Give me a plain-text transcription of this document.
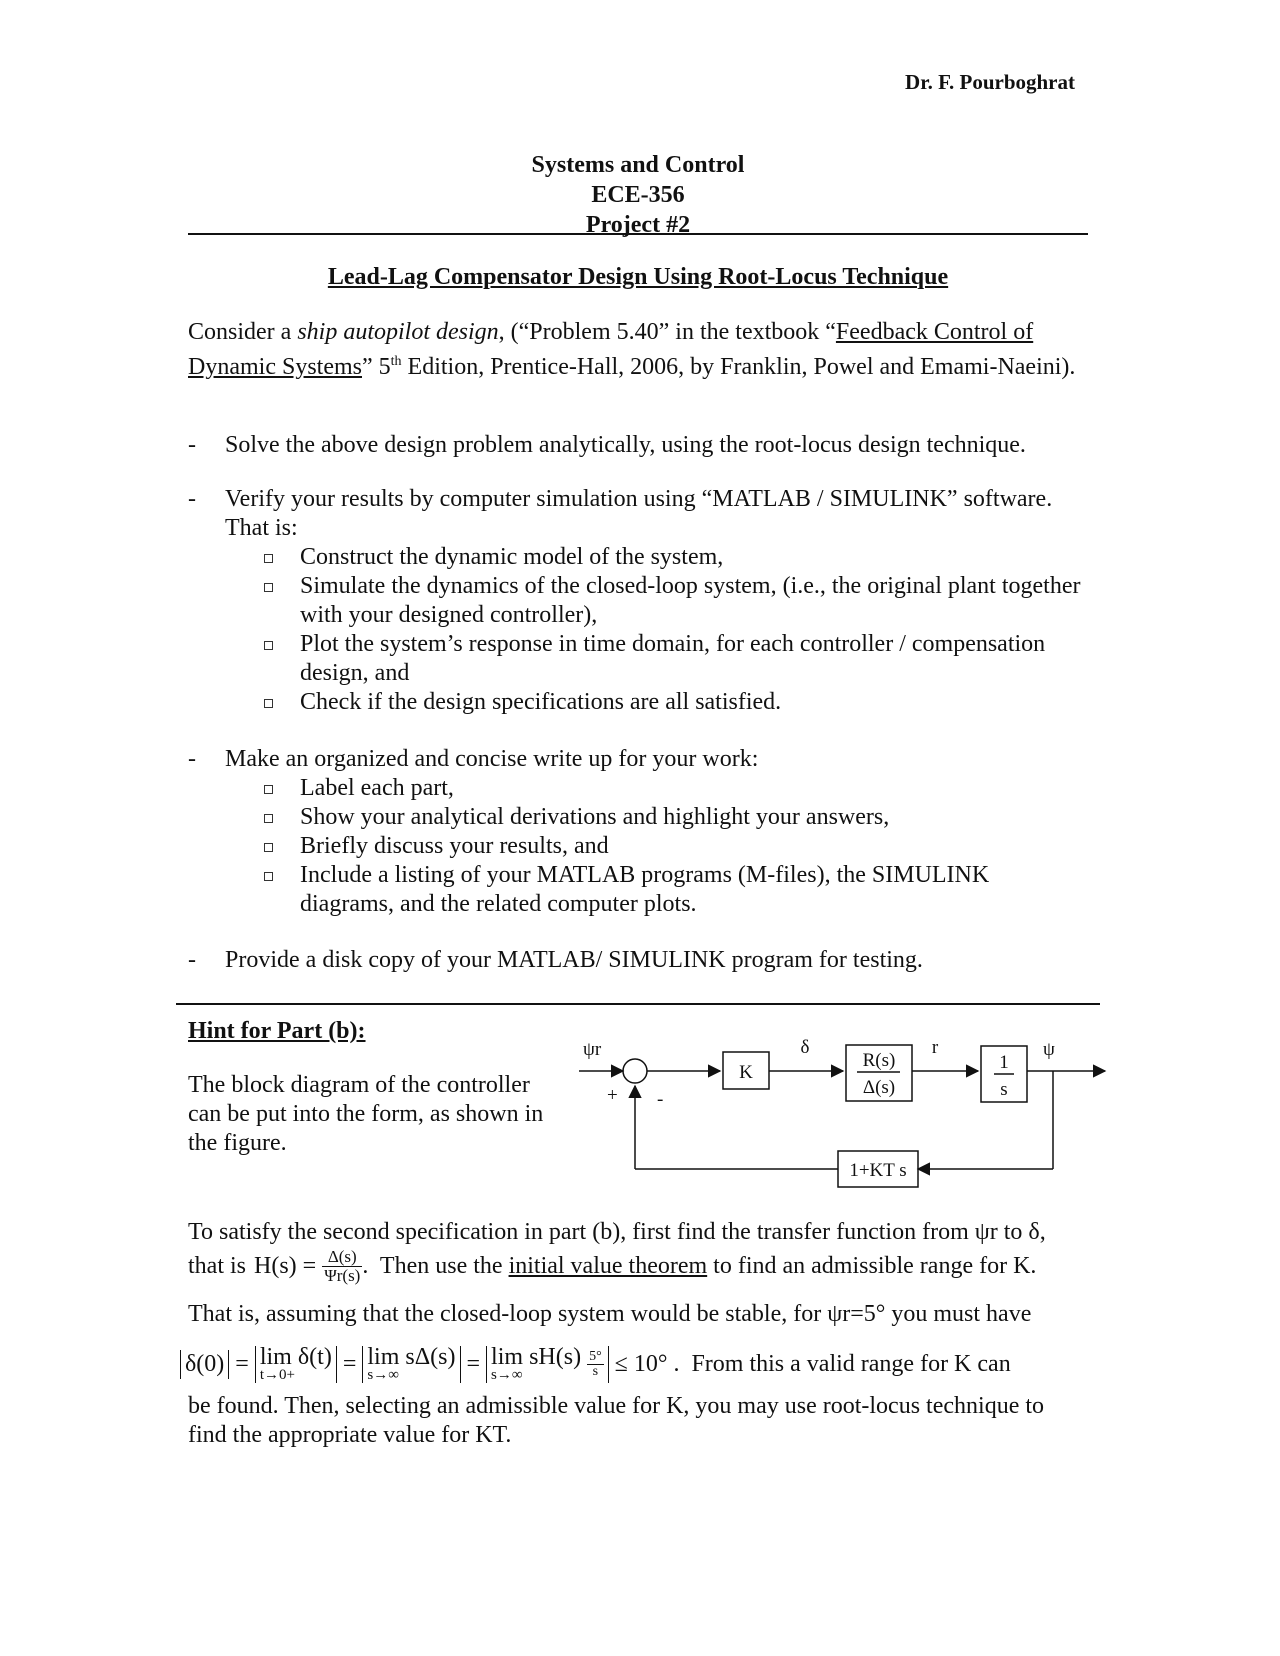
Dr. F. Pourboghrat
Systems and Control
ECE-356
Project #2
Lead-Lag Compensator Design Using Root-Locus Technique
Consider a ship autopilot design, (“Problem 5.40” in the textbook “Feedback Control of Dynamic Systems” 5th Edition, Prentice-Hall, 2006, by Franklin, Powel and Emami-Naeini).
-	Solve the above design problem analytically, using the root-locus design technique.
-	Verify your results by computer simulation using “MATLAB / SIMULINK” software. That is:
Construct the dynamic model of the system,
Simulate the dynamics of the closed-loop system, (i.e., the original plant together with your designed controller),
Plot the system’s response in time domain, for each controller / compensation design, and
Check if the design specifications are all satisfied.
-	Make an organized and concise write up for your work:
Label each part,
Show your analytical derivations and highlight your answers,
Briefly discuss your results, and
Include a listing of your MATLAB programs (M-files), the SIMULINK diagrams, and the related computer plots.
-	Provide a disk copy of your MATLAB/ SIMULINK program for testing.
Hint for Part (b):
The block diagram of the controller can be put into the form, as shown in the figure.
ψr
+ -
K
δ
R(s)
Δ(s)
r
1
s
ψ
1+KT s
To satisfy the second specification in part (b), first find the transfer function from ψr to δ,
that is $H(s) = \frac{\Delta(s)}{\Psi r(s)}$ .  Then use the initial value theorem to find an admissible range for K.
That is, assuming that the closed-loop system would be stable, for ψr=5° you must have
δ(0) = lim δ(t)
t→0+	= lim sΔ(s)
s→∞	= lim sH(s)
s→∞
	$\frac{5^\circ}{s} \le 10^\circ$ .  From this a valid range for K can
be found. Then, selecting an admissible value for K, you may use root-locus technique to find the appropriate value for KT.
